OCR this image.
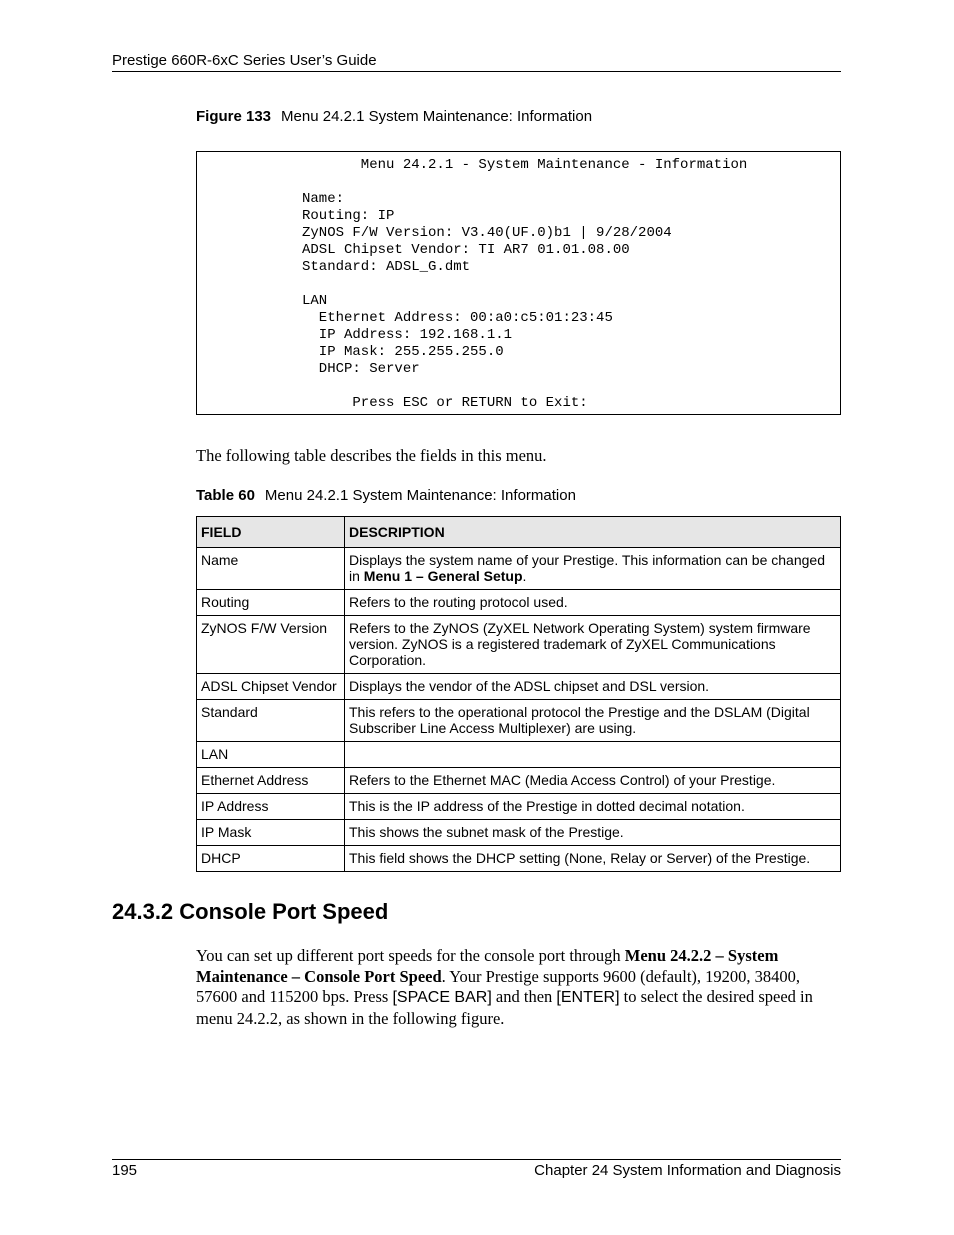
Prestige 660R-6xC Series User’s Guide
Figure 133 Menu 24.2.1 System Maintenance: Information
Menu 24.2.1 - System Maintenance - Information

Name:
Routing: IP
ZyNOS F/W Version: V3.40(UF.0)b1 | 9/28/2004
ADSL Chipset Vendor: TI AR7 01.01.08.00
Standard: ADSL_G.dmt

LAN
Ethernet Address: 00:a0:c5:01:23:45
IP Address: 192.168.1.1
IP Mask: 255.255.255.0
DHCP: Server

Press ESC or RETURN to Exit:
The following table describes the fields in this menu.
Table 60 Menu 24.2.1 System Maintenance: Information
FIELD	DESCRIPTION
Name	Displays the system name of your Prestige. This information can be changed in Menu 1 – General Setup.
Routing	Refers to the routing protocol used.
ZyNOS F/W Version	Refers to the ZyNOS (ZyXEL Network Operating System) system firmware version. ZyNOS is a registered trademark of ZyXEL Communications Corporation.
ADSL Chipset Vendor	Displays the vendor of the ADSL chipset and DSL version.
Standard	This refers to the operational protocol the Prestige and the DSLAM (Digital Subscriber Line Access Multiplexer) are using.
LAN	
Ethernet Address	Refers to the Ethernet MAC (Media Access Control) of your Prestige.
IP Address	This is the IP address of the Prestige in dotted decimal notation.
IP Mask	This shows the subnet mask of the Prestige.
DHCP	This field shows the DHCP setting (None, Relay or Server) of the Prestige.
24.3.2 Console Port Speed

You can set up different port speeds for the console port through Menu 24.2.2 – System Maintenance – Console Port Speed. Your Prestige supports 9600 (default), 19200, 38400, 57600 and 115200 bps. Press [SPACE BAR] and then [ENTER] to select the desired speed in menu 24.2.2, as shown in the following figure.

195	Chapter 24 System Information and Diagnosis
